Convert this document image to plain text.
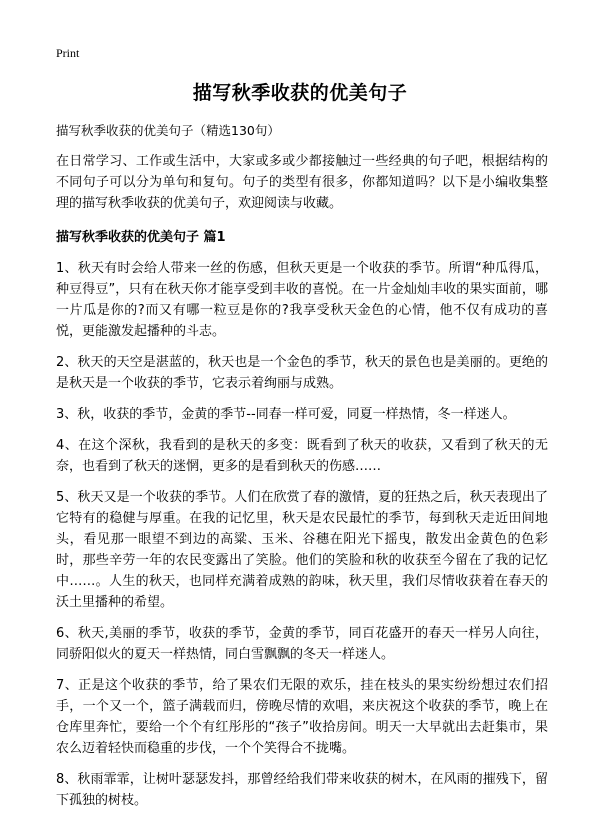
Print
描写秋季收获的优美句子

描写秋季收获的优美句子（精选130句）

在日常学习、工作或生活中，大家或多或少都接触过一些经典的句子吧，根据结构的不同句子可以分为单句和复句。句子的类型有很多，你都知道吗？以下是小编收集整理的描写秋季收获的优美句子，欢迎阅读与收藏。

描写秋季收获的优美句子 篇1

1、秋天有时会给人带来一丝的伤感，但秋天更是一个收获的季节。所谓“种瓜得瓜，种豆得豆”，只有在秋天你才能享受到丰收的喜悦。在一片金灿灿丰收的果实面前，哪一片瓜是你的?而又有哪一粒豆是你的?我享受秋天金色的心情，他不仅有成功的喜悦，更能激发起播种的斗志。

2、秋天的天空是湛蓝的，秋天也是一个金色的季节，秋天的景色也是美丽的。更绝的是秋天是一个收获的季节，它表示着绚丽与成熟。

3、秋，收获的季节，金黄的季节--同春一样可爱，同夏一样热情，冬一样迷人。

4、在这个深秋，我看到的是秋天的多变：既看到了秋天的收获，又看到了秋天的无奈，也看到了秋天的迷惘，更多的是看到秋天的伤感……

5、秋天又是一个收获的季节。人们在欣赏了春的激情，夏的狂热之后，秋天表现出了它特有的稳健与厚重。在我的记忆里，秋天是农民最忙的季节，每到秋天走近田间地头，看见那一眼望不到边的高粱、玉米、谷穗在阳光下摇曳，散发出金黄色的色彩时，那些辛劳一年的农民变露出了笑脸。他们的笑脸和秋的收获至今留在了我的记忆中……。人生的秋天，也同样充满着成熟的韵味，秋天里，我们尽情收获着在春天的沃土里播种的希望。

6、秋天,美丽的季节，收获的季节，金黄的季节，同百花盛开的春天一样另人向往，同骄阳似火的夏天一样热情，同白雪飘飘的冬天一样迷人。

7、正是这个收获的季节，给了果农们无限的欢乐，挂在枝头的果实纷纷想过农们招手，一个又一个，篮子满载而归，傍晚尽情的欢唱，来庆祝这个收获的季节，晚上在仓库里奔忙，要给一个个有红彤彤的“孩子”收拾房间。明天一大早就出去赶集市，果农么迈着轻快而稳重的步伐，一个个笑得合不拢嘴。

8、秋雨霏霏，让树叶瑟瑟发抖，那曾经给我们带来收获的树木，在风雨的摧残下，留下孤独的树枝。
